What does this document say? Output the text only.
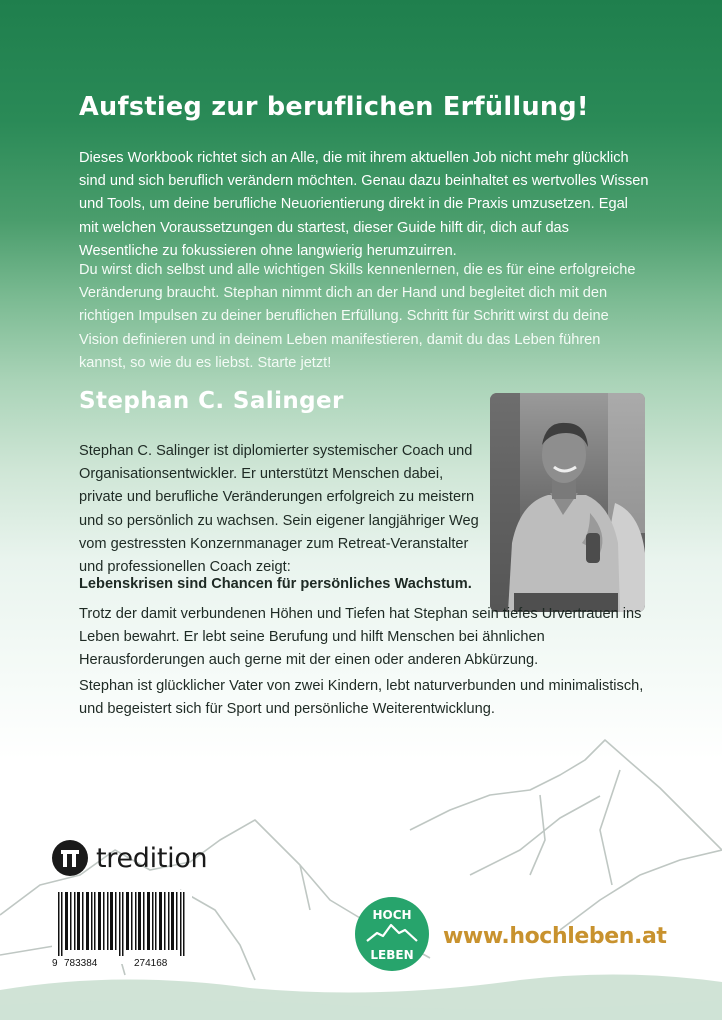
Aufstieg zur beruflichen Erfüllung!

Dieses Workbook richtet sich an Alle, die mit ihrem aktuellen Job nicht mehr glücklich sind und sich beruflich verändern möchten. Genau dazu beinhaltet es wertvolles Wissen und Tools, um deine berufliche Neuorientierung direkt in die Praxis umzusetzen. Egal mit welchen Voraussetzungen du startest, dieser Guide hilft dir, dich auf das Wesentliche zu fokussieren ohne langwierig herumzuirren.

Du wirst dich selbst und alle wichtigen Skills kennenlernen, die es für eine erfolgreiche Veränderung braucht. Stephan nimmt dich an der Hand und begleitet dich mit den richtigen Impulsen zu deiner beruflichen Erfüllung. Schritt für Schritt wirst du deine Vision definieren und in deinem Leben manifestieren, damit du das Leben führen kannst, so wie du es liebst. Starte jetzt!

Stephan C. Salinger

Stephan C. Salinger ist diplomierter systemischer Coach und Organisationsentwickler. Er unterstützt Menschen dabei, private und berufliche Veränderungen erfolgreich zu meistern und so persönlich zu wachsen. Sein eigener langjähriger Weg vom gestressten Konzernmanager zum Retreat-Veranstalter und professionellen Coach zeigt:

Lebenskrisen sind Chancen für persönliches Wachstum.

Trotz der damit verbundenen Höhen und Tiefen hat Stephan sein tiefes Urvertrauen ins Leben bewahrt. Er lebt seine Berufung und hilft Menschen bei ähnlichen Herausforderungen auch gerne mit der einen oder anderen Abkürzung.

Stephan ist glücklicher Vater von zwei Kindern, lebt naturverbunden und minimalistisch, und begeistert sich für Sport und persönliche Weiterentwicklung.

tredition
9 783384	274168
HOCH
LEBEN

www.hochleben.at
